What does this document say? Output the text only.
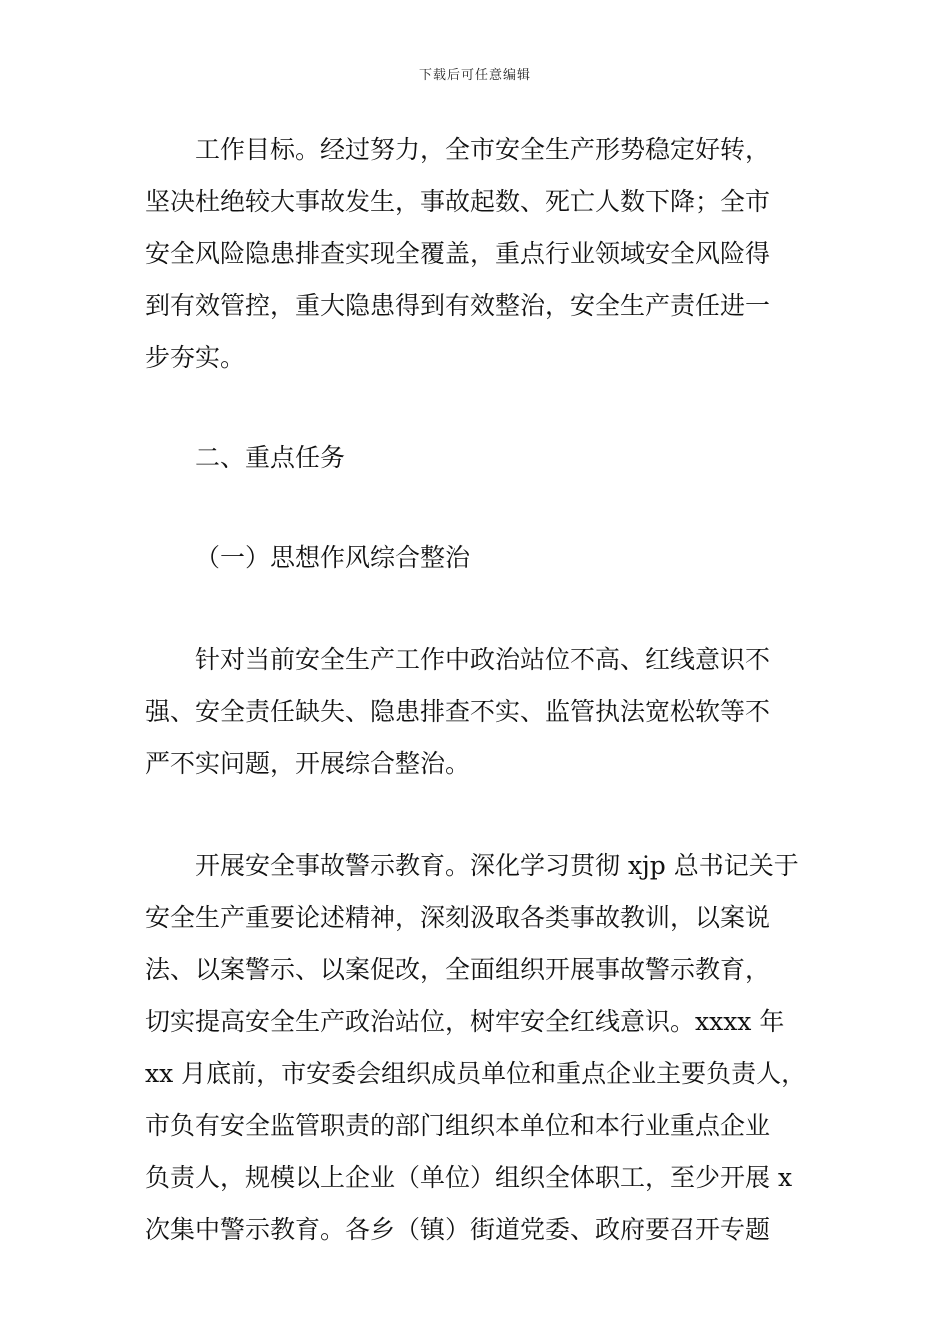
下载后可任意编辑
工作目标。经过努力，全市安全生产形势稳定好转，
坚决杜绝较大事故发生，事故起数、死亡人数下降；全市
安全风险隐患排查实现全覆盖，重点行业领域安全风险得
到有效管控，重大隐患得到有效整治，安全生产责任进一
步夯实。
二、重点任务
（一）思想作风综合整治
针对当前安全生产工作中政治站位不高、红线意识不
强、安全责任缺失、隐患排查不实、监管执法宽松软等不
严不实问题，开展综合整治。
开展安全事故警示教育。深化学习贯彻 xjp 总书记关于
安全生产重要论述精神，深刻汲取各类事故教训，以案说
法、以案警示、以案促改，全面组织开展事故警示教育，
切实提高安全生产政治站位，树牢安全红线意识。xxxx 年
xx 月底前，市安委会组织成员单位和重点企业主要负责人，
市负有安全监管职责的部门组织本单位和本行业重点企业
负责人，规模以上企业（单位）组织全体职工，至少开展 x
次集中警示教育。各乡（镇）街道党委、政府要召开专题
